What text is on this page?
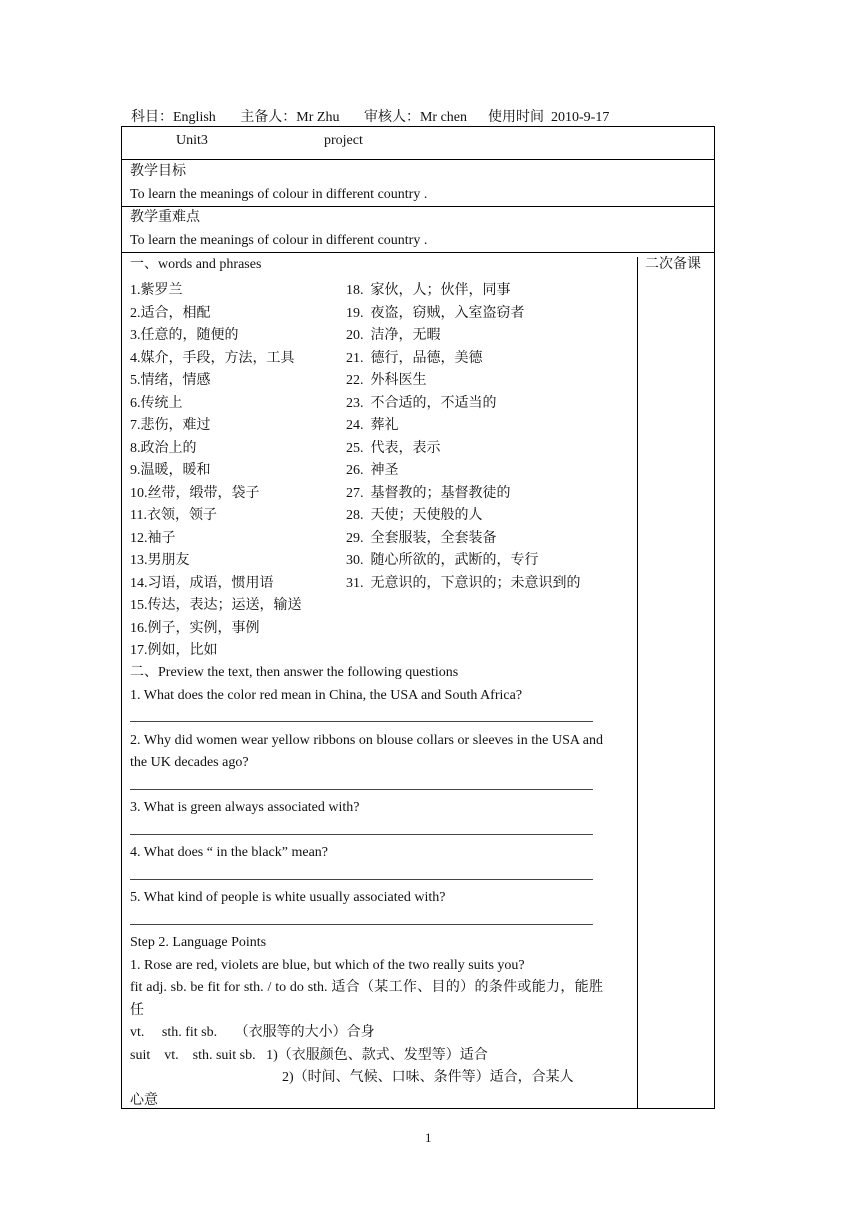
科目：English 主备人：Mr Zhu 审核人：Mr chen 使用时间  2010-9-17
Unit3	project
教学目标
To learn the meanings of colour in different country .
教学重难点
To learn the meanings of colour in different country .
二次备课
一、words and phrases
1.紫罗兰
2.适合，相配
3.任意的，随便的
4.媒介，手段，方法，工具
5.情绪，情感
6.传统上
7.悲伤，难过
8.政治上的
9.温暖，暖和
10.丝带，缎带，袋子
11.衣领，领子
12.袖子
13.男朋友
14.习语，成语，惯用语
15.传达，表达；运送，输送
16.例子，实例，事例
17.例如，比如
18.  家伙，人；伙伴，同事
19.  夜盗，窃贼，入室盗窃者
20.  洁净，无暇
21.  德行，品德，美德
22.  外科医生
23.  不合适的，不适当的
24.  葬礼
25.  代表，表示
26.  神圣
27.  基督教的；基督教徒的
28.  天使；天使般的人
29.  全套服装，全套装备
30.  随心所欲的，武断的，专行
31.  无意识的，下意识的；未意识到的

二、Preview the text, then answer the following questions

1. What does the color red mean in China, the USA and South Africa?

2. Why did women wear yellow ribbons on blouse collars or sleeves in the USA and the UK decades ago?

3. What is green always associated with?

4. What does “ in the black” mean?

5. What kind of people is white usually associated with?

Step 2. Language Points

1. Rose are red, violets are blue, but which of the two really suits you?

fit adj. sb. be fit for sth. / to do sth. 适合（某工作、目的）的条件或能力，能胜任

vt.     sth. fit sb.     （衣服等的大小）合身

suit    vt.    sth. suit sb.   1)（衣服颜色、款式、发型等）适合

2)（时间、气候、口味、条件等）适合，合某人

心意

1
